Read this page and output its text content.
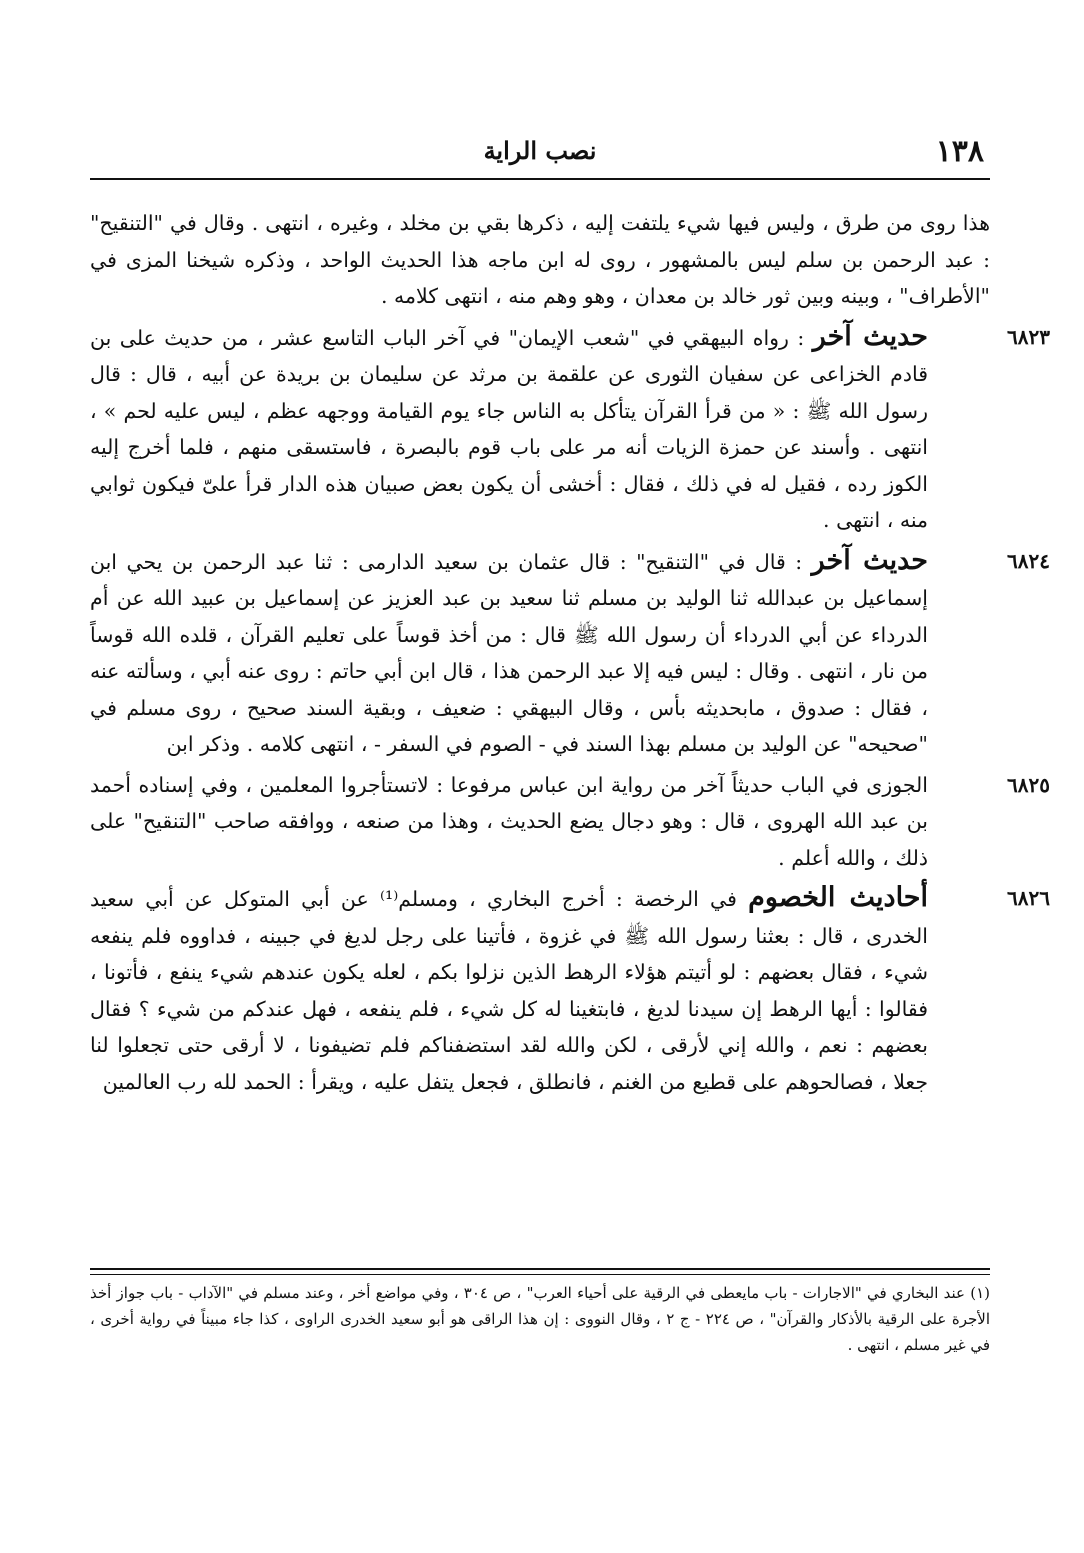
١٣٨
نصب الراية

هذا روى من طرق ، وليس فيها شيء يلتفت إليه ، ذكرها بقي بن مخلد ، وغيره ، انتهى . وقال في "التنقيح" : عبد الرحمن بن سلم ليس بالمشهور ، روى له ابن ماجه هذا الحديث الواحد ، وذكره شيخنا المزى في "الأطراف" ، وبينه وبين ثور خالد بن معدان ، وهو وهم منه ، انتهى كلامه .

٦٨٢٣
حديث آخر : رواه البيهقي في "شعب الإيمان" في آخر الباب التاسع عشر ، من حديث على بن قادم الخزاعى عن سفيان الثورى عن علقمة بن مرثد عن سليمان بن بريدة عن أبيه ، قال : قال رسول الله ﷺ : « من قرأ القرآن يتأكل به الناس جاء يوم القيامة ووجهه عظم ، ليس عليه لحم » ، انتهى . وأسند عن حمزة الزيات أنه مر على باب قوم بالبصرة ، فاستسقى منهم ، فلما أخرج إليه الكوز رده ، فقيل له في ذلك ، فقال : أخشى أن يكون بعض صبيان هذه الدار قرأ علىّ فيكون ثوابي منه ، انتهى .

٦٨٢٤
حديث آخر : قال في "التنقيح" : قال عثمان بن سعيد الدارمى : ثنا عبد الرحمن بن يحي ابن إسماعيل بن عبدالله ثنا الوليد بن مسلم ثنا سعيد بن عبد العزيز عن إسماعيل بن عبيد الله عن أم الدرداء عن أبي الدرداء أن رسول الله ﷺ قال : من أخذ قوساً على تعليم القرآن ، قلده الله قوساً من نار ، انتهى . وقال : ليس فيه إلا عبد الرحمن هذا ، قال ابن أبي حاتم : روى عنه أبي ، وسألته عنه ، فقال : صدوق ، مابحديثه بأس ، وقال البيهقي : ضعيف ، وبقية السند صحيح ، روى مسلم في "صحيحه" عن الوليد بن مسلم بهذا السند في - الصوم في السفر - ، انتهى كلامه . وذكر ابن

٦٨٢٥
الجوزى في الباب حديثاً آخر من رواية ابن عباس مرفوعا : لاتستأجروا المعلمين ، وفي إسناده أحمد بن عبد الله الهروى ، قال : وهو دجال يضع الحديث ، وهذا من صنعه ، ووافقه صاحب "التنقيح" على ذلك ، والله أعلم .

٦٨٢٦
أحاديث الخصوم في الرخصة : أخرج البخاري ، ومسلم⁽¹⁾ عن أبي المتوكل عن أبي سعيد الخدرى ، قال : بعثنا رسول الله ﷺ في غزوة ، فأتينا على رجل لديغ في جبينه ، فداووه فلم ينفعه شيء ، فقال بعضهم : لو أتيتم هؤلاء الرهط الذين نزلوا بكم ، لعله يكون عندهم شيء ينفع ، فأتونا ، فقالوا : أيها الرهط إن سيدنا لديغ ، فابتغينا له كل شيء ، فلم ينفعه ، فهل عندكم من شيء ؟ فقال بعضهم : نعم ، والله إني لأرقى ، لكن والله لقد استضفناكم فلم تضيفونا ، لا أرقى حتى تجعلوا لنا جعلا ، فصالحوهم على قطيع من الغنم ، فانطلق ، فجعل يتفل عليه ، ويقرأ : الحمد لله رب العالمين

(١) عند البخاري في "الاجارات - باب مايعطى في الرقية على أحياء العرب" ، ص ٣٠٤ ، وفي مواضع أخر ، وعند مسلم في "الآداب - باب جواز أخذ الأجرة على الرقية بالأذكار والقرآن" ، ص ٢٢٤ - ج ٢ ، وقال النووى : إن هذا الراقى هو أبو سعيد الخدرى الراوى ، كذا جاء مبيناً في رواية أخرى ، في غير مسلم ، انتهى .
